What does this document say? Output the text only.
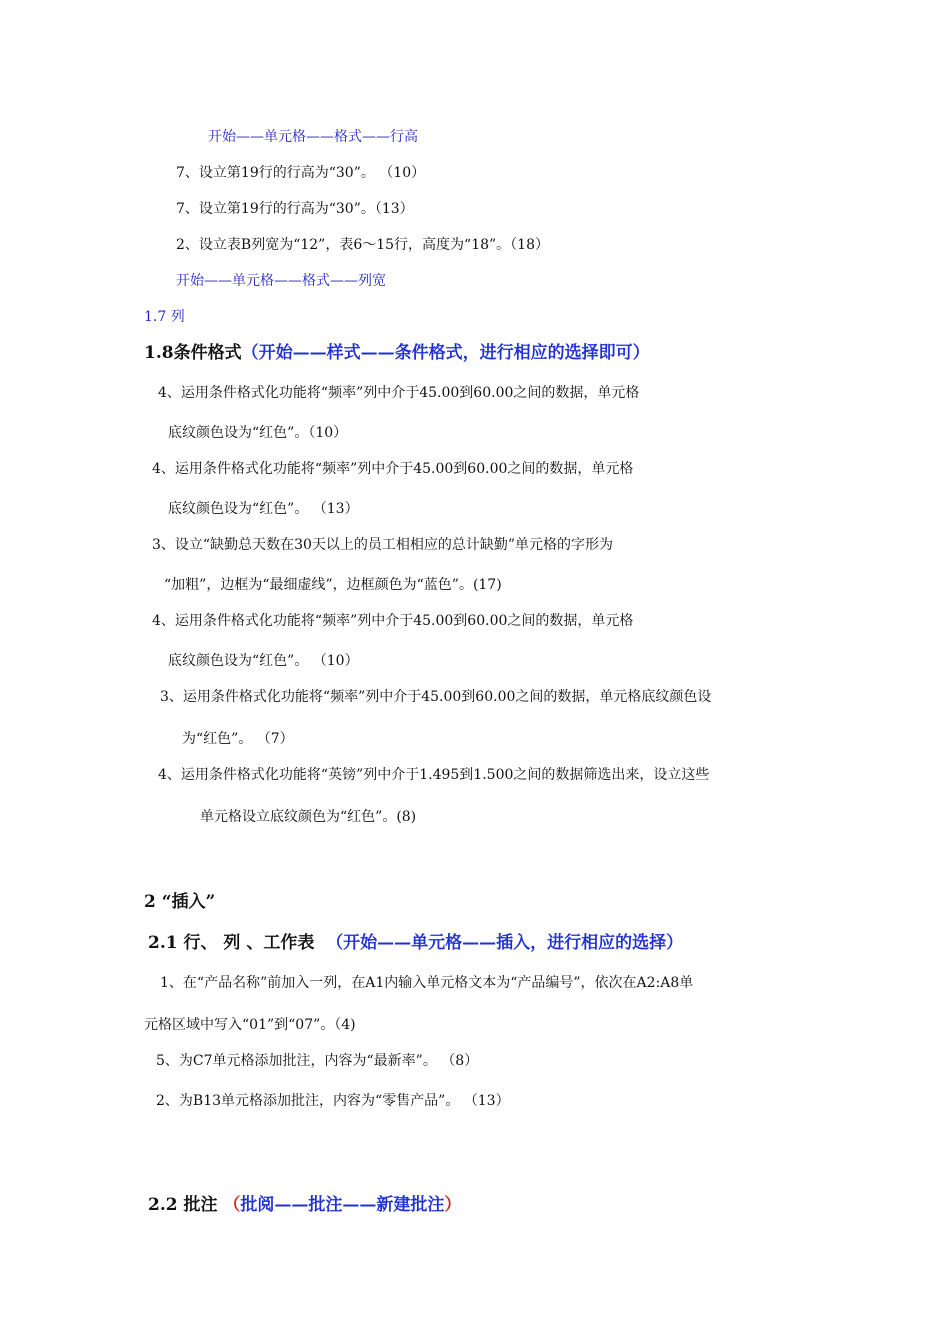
开始——单元格——格式——行高
7、设立第19行的行高为“30”。 （10）
7、设立第19行的行高为“30”。（13）
2、设立表B列宽为“12”，表6～15行，高度为“18”。（18）
开始——单元格——格式——列宽
1.7 列
1.8条件格式（开始——样式——条件格式，进行相应的选择即可）
4、运用条件格式化功能将“频率”列中介于45.00到60.00之间的数据，单元格
底纹颜色设为“红色”。（10）
4、运用条件格式化功能将“频率”列中介于45.00到60.00之间的数据，单元格
底纹颜色设为“红色”。 （13）
3、设立“缺勤总天数在30天以上的员工相相应的总计缺勤”单元格的字形为
“加粗”，边框为“最细虚线”，边框颜色为“蓝色”。(17)
4、运用条件格式化功能将“频率”列中介于45.00到60.00之间的数据，单元格
底纹颜色设为“红色”。 （10）
3、运用条件格式化功能将“频率”列中介于45.00到60.00之间的数据，单元格底纹颜色设
为“红色”。 （7）
4、运用条件格式化功能将“英镑”列中介于1.495到1.500之间的数据筛选出来，设立这些
单元格设立底纹颜色为“红色”。(8)
2 “插入”
2.1 行、 列 、工作表 （开始——单元格——插入，进行相应的选择）
1、在“产品名称”前加入一列，在A1内输入单元格文本为“产品编号”，依次在A2:A8单
元格区域中写入“01”到“07”。（4)
5、为C7单元格添加批注，内容为“最新率”。 （8）
2、为B13单元格添加批注，内容为“零售产品”。 （13）
2.2 批注 （批阅——批注——新建批注）
